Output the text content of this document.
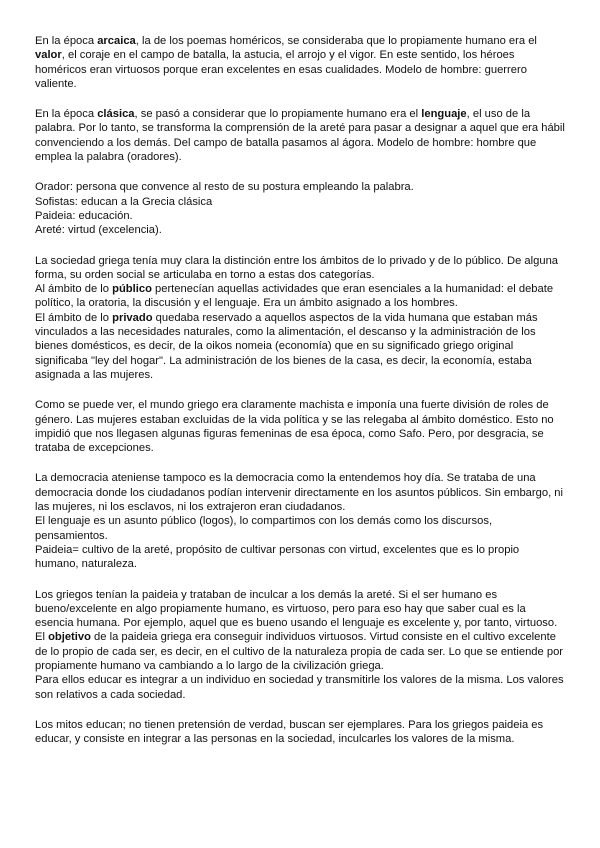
En la época arcaica, la de los poemas homéricos, se consideraba que lo propiamente humano era el valor, el coraje en el campo de batalla, la astucia, el arrojo y el vigor. En este sentido, los héroes homéricos eran virtuosos porque eran excelentes en esas cualidades. Modelo de hombre: guerrero valiente.

En la época clásica, se pasó a considerar que lo propiamente humano era el lenguaje, el uso de la palabra. Por lo tanto, se transforma la comprensión de la areté para pasar a designar a aquel que era hábil convenciendo a los demás. Del campo de batalla pasamos al ágora. Modelo de hombre: hombre que emplea la palabra (oradores).

Orador: persona que convence al resto de su postura empleando la palabra.

Sofistas: educan a la Grecia clásica

Paideia: educación.

Areté: virtud (excelencia).

La sociedad griega tenía muy clara la distinción entre los ámbitos de lo privado y de lo público. De alguna forma, su orden social se articulaba en torno a estas dos categorías.

Al ámbito de lo público pertenecían aquellas actividades que eran esenciales a la humanidad: el debate político, la oratoria, la discusión y el lenguaje. Era un ámbito asignado a los hombres.

El ámbito de lo privado quedaba reservado a aquellos aspectos de la vida humana que estaban más vinculados a las necesidades naturales, como la alimentación, el descanso y la administración de los bienes domésticos, es decir, de la oikos nomeia (economía) que en su significado griego original significaba "ley del hogar". La administración de los bienes de la casa, es decir, la economía, estaba asignada a las mujeres.

Como se puede ver, el mundo griego era claramente machista e imponía una fuerte división de roles de género. Las mujeres estaban excluidas de la vida política y se las relegaba al ámbito doméstico. Esto no impidió que nos llegasen algunas figuras femeninas de esa época, como Safo. Pero, por desgracia, se trataba de excepciones.

La democracia ateniense tampoco es la democracia como la entendemos hoy día. Se trataba de una democracia donde los ciudadanos podían intervenir directamente en los asuntos públicos. Sin embargo, ni las mujeres, ni los esclavos, ni los extrajeron eran ciudadanos.

El lenguaje es un asunto público (logos), lo compartimos con los demás como los discursos, pensamientos.

Paideia= cultivo de la areté, propósito de cultivar personas con virtud, excelentes que es lo propio humano, naturaleza.

Los griegos tenían la paideia y trataban de inculcar a los demás la areté. Si el ser humano es bueno/excelente en algo propiamente humano, es virtuoso, pero para eso hay que saber cual es la esencia humana. Por ejemplo, aquel que es bueno usando el lenguaje es excelente y, por tanto, virtuoso.

El objetivo de la paideia griega era conseguir individuos virtuosos. Virtud consiste en el cultivo excelente de lo propio de cada ser, es decir, en el cultivo de la naturaleza propia de cada ser. Lo que se entiende por propiamente humano va cambiando a lo largo de la civilización griega.

Para ellos educar es integrar a un individuo en sociedad y transmitirle los valores de la misma. Los valores son relativos a cada sociedad.

Los mitos educan; no tienen pretensión de verdad, buscan ser ejemplares. Para los griegos paideia es educar, y consiste en integrar a las personas en la sociedad, inculcarles los valores de la misma.
